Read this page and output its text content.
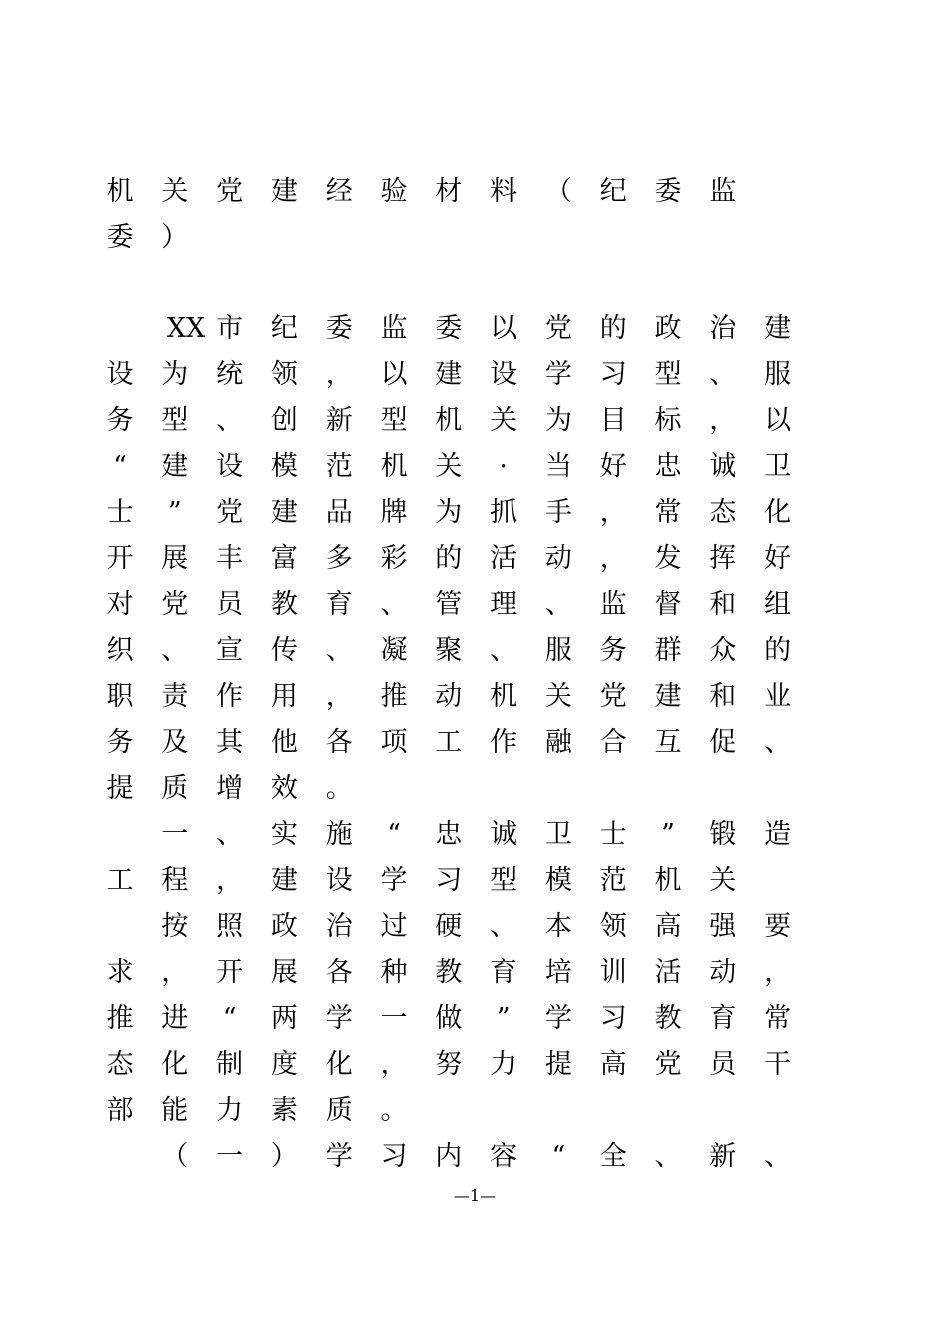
机 关 党 建 经 验 材 料 （ 纪 委 监
委 ）
XX 市 纪 委 监 委 以 党 的 政 治 建
设 为 统 领 ， 以 建 设 学 习 型 、 服
务 型 、 创 新 型 机 关 为 目 标 ， 以
“	建 设 模 范 机 关	·	当 好 忠 诚 卫
士	”	党 建 品 牌 为 抓 手 ， 常 态 化
开 展 丰 富 多 彩 的 活 动 ， 发 挥 好
对 党 员 教 育 、 管 理 、 监 督 和 组
织 、 宣 传 、 凝 聚 、 服 务 群 众 的
职 责 作 用 ， 推 动 机 关 党 建 和 业
务 及 其 他 各 项 工 作 融 合 互 促 、
提 质 增 效 。
一 、 实 施	“	忠 诚 卫 士	”	锻 造
工 程 ， 建 设 学 习 型 模 范 机 关
按 照 政 治 过 硬 、 本 领 高 强 要
求 ， 开 展 各 种 教 育 培 训 活 动 ，
推 进	“	两 学 一 做	”	学 习 教 育 常
态 化 制 度 化 ， 努 力 提 高 党 员 干
部 能 力 素 质 。
（ 一 ） 学 习 内 容	“	全 、 新 、
—1—
